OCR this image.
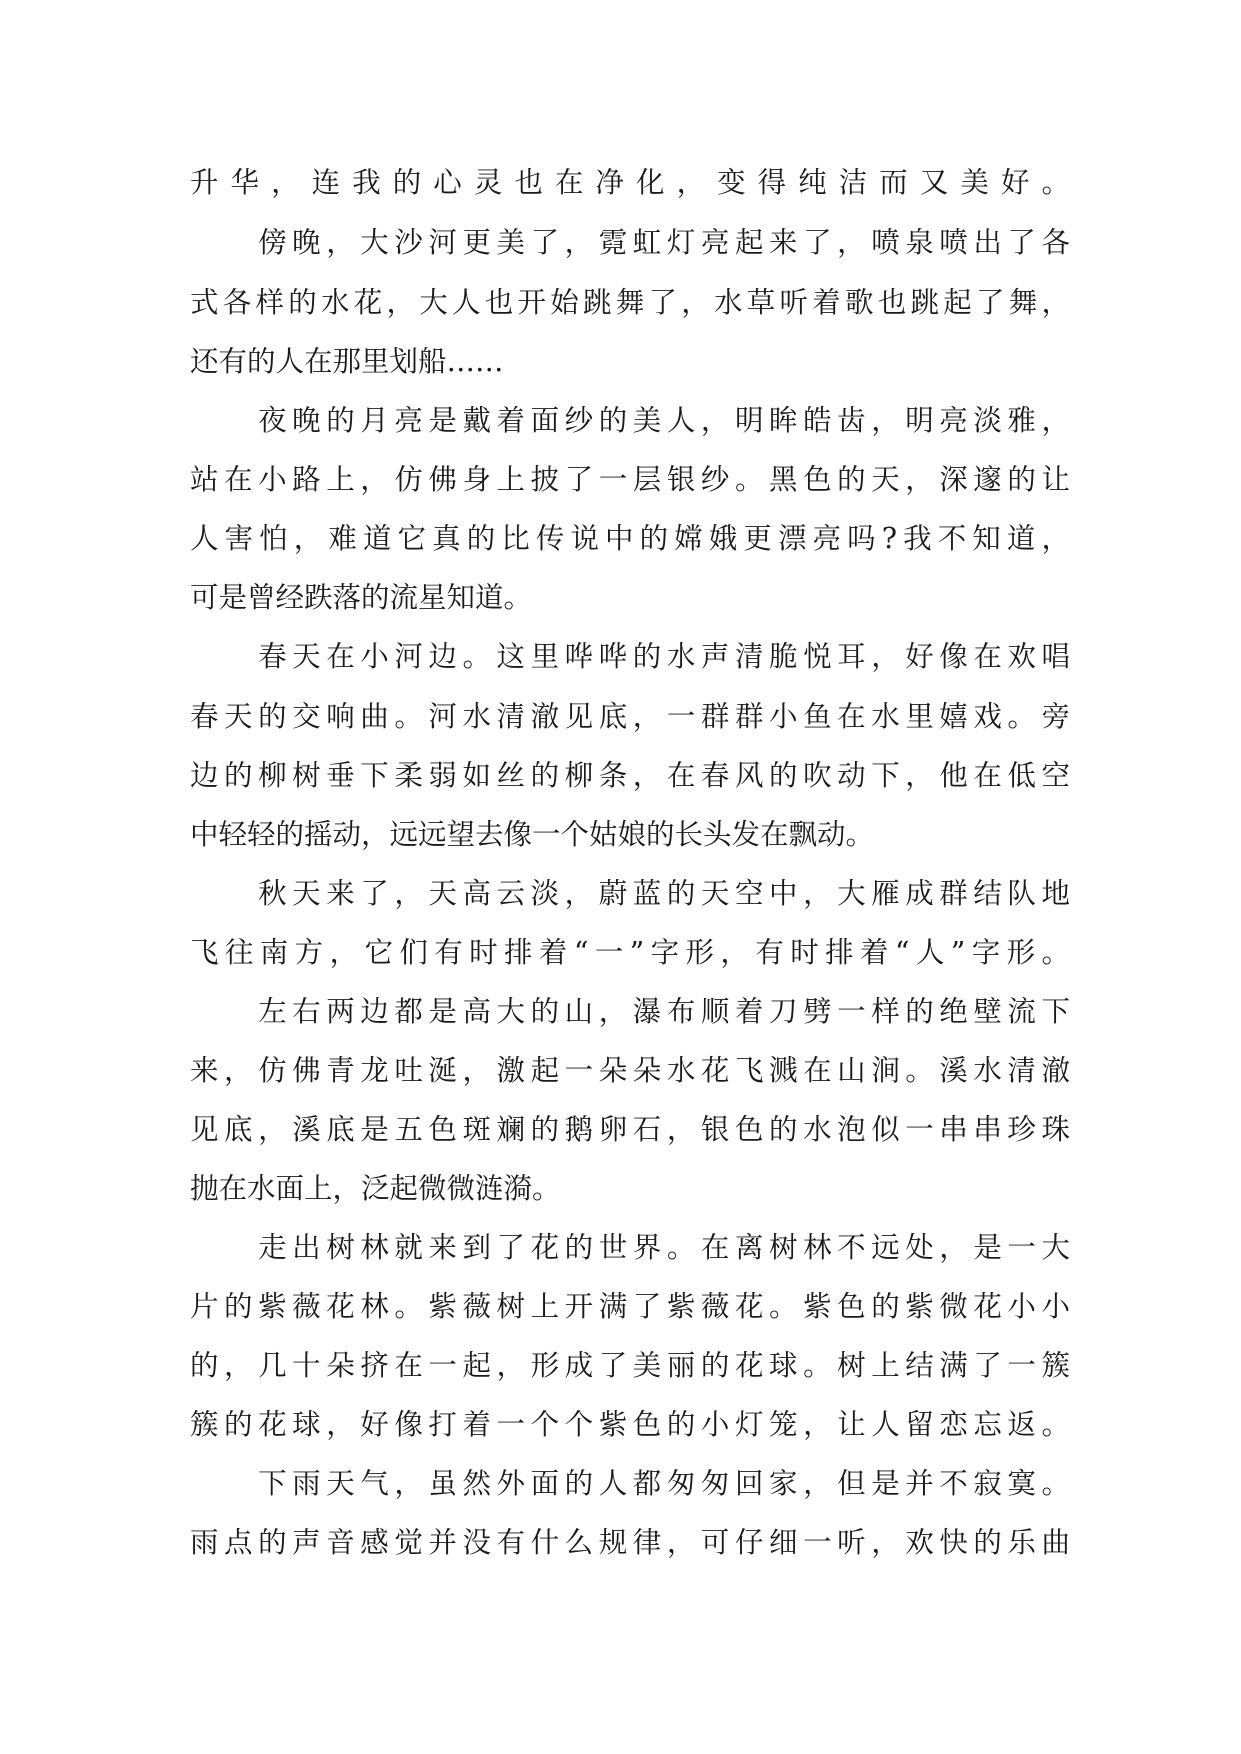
升华，连我的心灵也在净化，变得纯洁而又美好。
　　傍晚，大沙河更美了，霓虹灯亮起来了，喷泉喷出了各
式各样的水花，大人也开始跳舞了，水草听着歌也跳起了舞，
还有的人在那里划船……
　　夜晚的月亮是戴着面纱的美人，明眸皓齿，明亮淡雅，
站在小路上，仿佛身上披了一层银纱。黑色的天，深邃的让
人害怕，难道它真的比传说中的嫦娥更漂亮吗?我不知道，
可是曾经跌落的流星知道。
　　春天在小河边。这里哗哗的水声清脆悦耳，好像在欢唱
春天的交响曲。河水清澈见底，一群群小鱼在水里嬉戏。旁
边的柳树垂下柔弱如丝的柳条，在春风的吹动下，他在低空
中轻轻的摇动，远远望去像一个姑娘的长头发在飘动。
　　秋天来了，天高云淡，蔚蓝的天空中，大雁成群结队地
飞往南方，它们有时排着“一”字形，有时排着“人”字形。
　　左右两边都是高大的山，瀑布顺着刀劈一样的绝壁流下
来，仿佛青龙吐涎，激起一朵朵水花飞溅在山涧。溪水清澈
见底，溪底是五色斑斓的鹅卵石，银色的水泡似一串串珍珠
抛在水面上，泛起微微涟漪。
　　走出树林就来到了花的世界。在离树林不远处，是一大
片的紫薇花林。紫薇树上开满了紫薇花。紫色的紫微花小小
的，几十朵挤在一起，形成了美丽的花球。树上结满了一簇
簇的花球，好像打着一个个紫色的小灯笼，让人留恋忘返。
　　下雨天气，虽然外面的人都匆匆回家，但是并不寂寞。
雨点的声音感觉并没有什么规律，可仔细一听，欢快的乐曲
